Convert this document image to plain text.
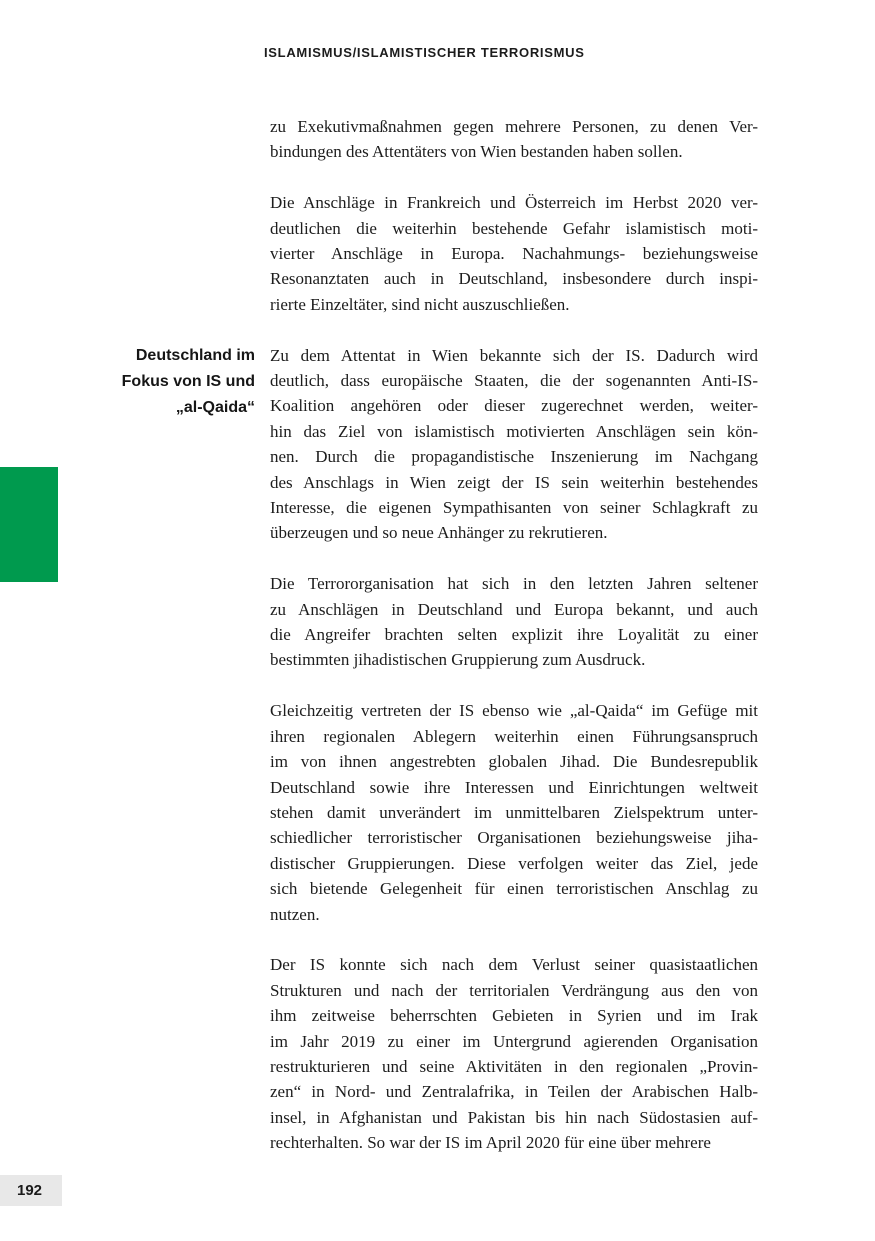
ISLAMISMUS/ISLAMISTISCHER TERRORISMUS
zu Exekutivmaßnahmen gegen mehrere Personen, zu denen Ver-
bindungen des Attentäters von Wien bestanden haben sollen.
Die Anschläge in Frankreich und Österreich im Herbst 2020 ver-
deutlichen die weiterhin bestehende Gefahr islamistisch moti-
vierter Anschläge in Europa. Nachahmungs- beziehungsweise
Resonanztaten auch in Deutschland, insbesondere durch inspi-
rierte Einzeltäter, sind nicht auszuschließen.
Deutschland im
Fokus von IS und
„al-Qaida“
Zu dem Attentat in Wien bekannte sich der IS. Dadurch wird
deutlich, dass europäische Staaten, die der sogenannten Anti-IS-
Koalition angehören oder dieser zugerechnet werden, weiter-
hin das Ziel von islamistisch motivierten Anschlägen sein kön-
nen. Durch die propagandistische Inszenierung im Nachgang
des Anschlags in Wien zeigt der IS sein weiterhin bestehendes
Interesse, die eigenen Sympathisanten von seiner Schlagkraft zu
überzeugen und so neue Anhänger zu rekrutieren.
Die Terrororganisation hat sich in den letzten Jahren seltener
zu Anschlägen in Deutschland und Europa bekannt, und auch
die Angreifer brachten selten explizit ihre Loyalität zu einer
bestimmten jihadistischen Gruppierung zum Ausdruck.
Gleichzeitig vertreten der IS ebenso wie „al-Qaida“ im Gefüge mit
ihren regionalen Ablegern weiterhin einen Führungsanspruch
im von ihnen angestrebten globalen Jihad. Die Bundesrepublik
Deutschland sowie ihre Interessen und Einrichtungen weltweit
stehen damit unverändert im unmittelbaren Zielspektrum unter-
schiedlicher terroristischer Organisationen beziehungsweise jiha-
distischer Gruppierungen. Diese verfolgen weiter das Ziel, jede
sich bietende Gelegenheit für einen terroristischen Anschlag zu
nutzen.
Der IS konnte sich nach dem Verlust seiner quasistaatlichen
Strukturen und nach der territorialen Verdrängung aus den von
ihm zeitweise beherrschten Gebieten in Syrien und im Irak
im Jahr 2019 zu einer im Untergrund agierenden Organisation
restrukturieren und seine Aktivitäten in den regionalen „Provin-
zen“ in Nord- und Zentralafrika, in Teilen der Arabischen Halb-
insel, in Afghanistan und Pakistan bis hin nach Südostasien auf-
rechterhalten. So war der IS im April 2020 für eine über mehrere
192
